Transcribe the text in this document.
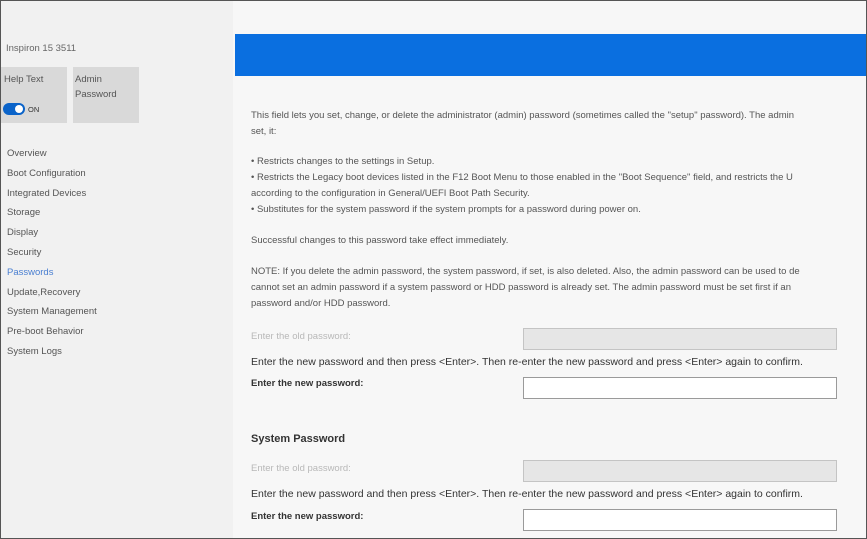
Inspiron 15 3511
Help Text
ON
Admin
Password
Overview
Boot Configuration
Integrated Devices
Storage
Display
Security
Passwords
Update,Recovery
System Management
Pre-boot Behavior
System Logs
This field lets you set, change, or delete the administrator (admin) password (sometimes called the "setup" password). The admin
set, it:
• Restricts changes to the settings in Setup.
• Restricts the Legacy boot devices listed in the F12 Boot Menu to those enabled in the "Boot Sequence" field, and restricts the U
according to the configuration in General/UEFI Boot Path Security.
• Substitutes for the system password if the system prompts for a password during power on.
Successful changes to this password take effect immediately.
NOTE: If you delete the admin password, the system password, if set, is also deleted. Also, the admin password can be used to de
cannot set an admin password if a system password or HDD password is already set. The admin password must be set first if an
password and/or HDD password.
Enter the old password:
Enter the new password and then press <Enter>. Then re-enter the new password and press <Enter> again to confirm.
Enter the new password:
System Password
Enter the old password:
Enter the new password and then press <Enter>. Then re-enter the new password and press <Enter> again to confirm.
Enter the new password:
